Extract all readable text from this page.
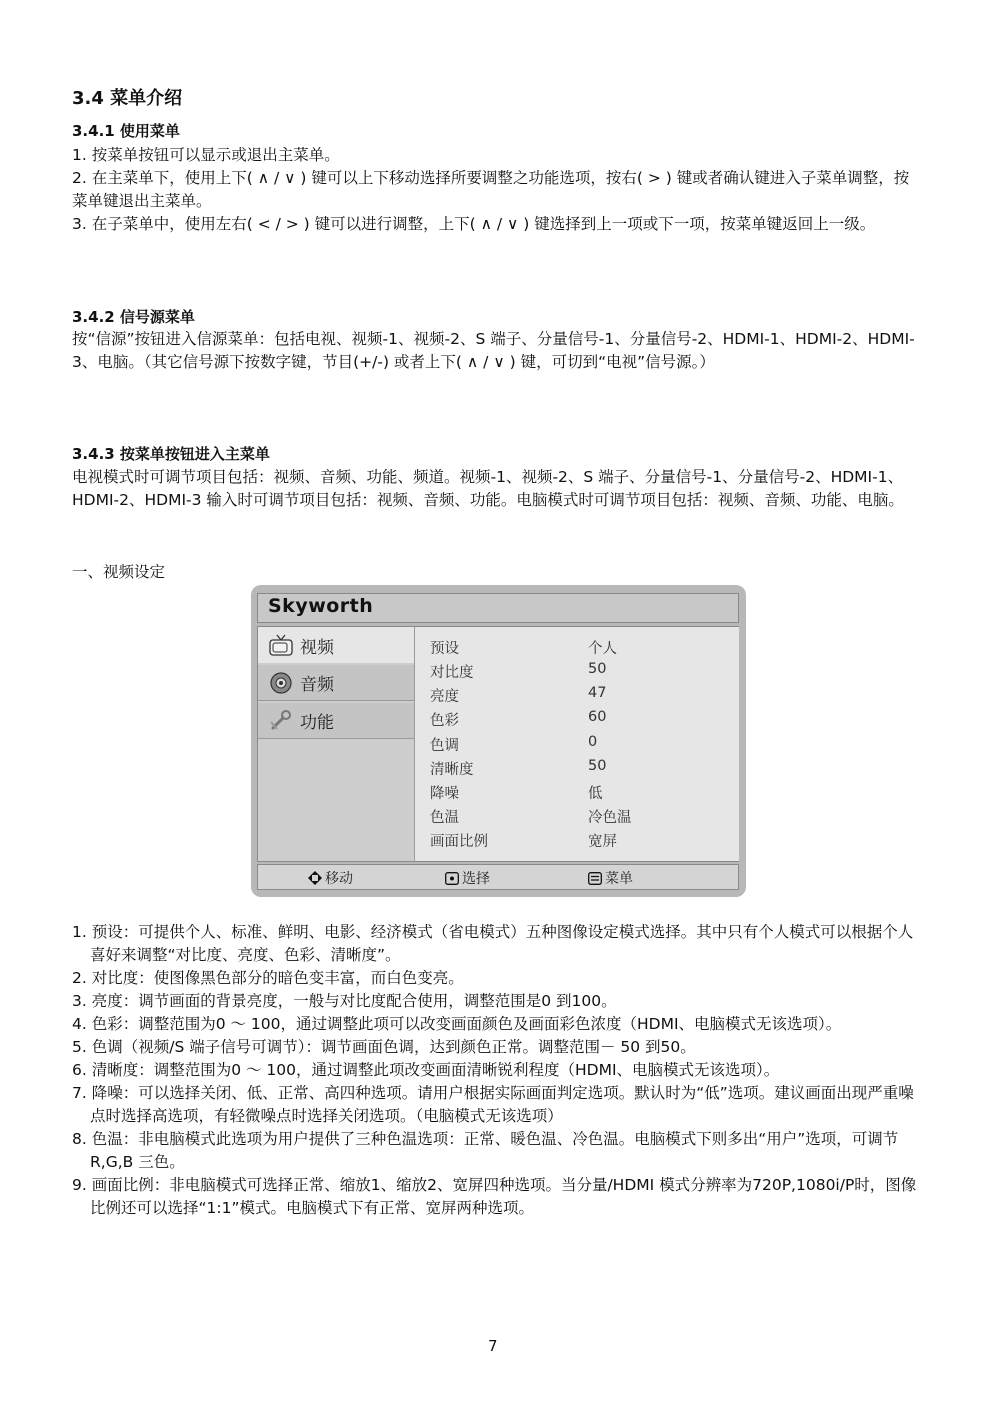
3.4 菜单介绍
3.4.1 使用菜单

1. 按菜单按钮可以显示或退出主菜单。

2. 在主菜单下，使用上下( ∧ / ∨ ) 键可以上下移动选择所要调整之功能选项，按右( > ) 键或者确认键进入子菜单调整，按菜单键退出主菜单。

3. 在子菜单中，使用左右( < / > ) 键可以进行调整，上下( ∧ / ∨ ) 键选择到上一项或下一项，按菜单键返回上一级。

3.4.2 信号源菜单
按“信源”按钮进入信源菜单：包括电视、视频-1、视频-2、S 端子、分量信号-1、分量信号-2、HDMI-1、HDMI-2、HDMI-3、电脑。（其它信号源下按数字键，节目(+/-) 或者上下( ∧ / ∨ ) 键，可切到“电视”信号源。）
3.4.3 按菜单按钮进入主菜单
电视模式时可调节项目包括：视频、音频、功能、频道。视频-1、视频-2、S 端子、分量信号-1、分量信号-2、HDMI-1、HDMI-2、HDMI-3 输入时可调节项目包括：视频、音频、功能。电脑模式时可调节项目包括：视频、音频、功能、电脑。
一、视频设定
Skyworth
视频
音频
功能
预设	个人
对比度	50
亮度	47
色彩	60
色调	0
清晰度	50
降噪	低
色温	冷色温
画面比例	宽屏
移动	选择	菜单

1. 预设：可提供个人、标准、鲜明、电影、经济模式（省电模式）五种图像设定模式选择。其中只有个人模式可以根据个人喜好来调整“对比度、亮度、色彩、清晰度”。

2. 对比度：使图像黑色部分的暗色变丰富，而白色变亮。

3. 亮度：调节画面的背景亮度，一般与对比度配合使用，调整范围是0 到100。

4. 色彩：调整范围为0 ～ 100，通过调整此项可以改变画面颜色及画面彩色浓度（HDMI、电脑模式无该选项）。

5. 色调（视频/S 端子信号可调节）：调节画面色调，达到颜色正常。调整范围－ 50 到50。

6. 清晰度：调整范围为0 ～ 100，通过调整此项改变画面清晰锐利程度（HDMI、电脑模式无该选项）。

7. 降噪：可以选择关闭、低、正常、高四种选项。请用户根据实际画面判定选项。默认时为“低”选项。建议画面出现严重噪点时选择高选项，有轻微噪点时选择关闭选项。（电脑模式无该选项）

8. 色温：非电脑模式此选项为用户提供了三种色温选项：正常、暖色温、冷色温。电脑模式下则多出“用户”选项，可调节R,G,B 三色。

9. 画面比例：非电脑模式可选择正常、缩放1、缩放2、宽屏四种选项。当分量/HDMI 模式分辨率为720P,1080i/P时，图像比例还可以选择“1:1”模式。电脑模式下有正常、宽屏两种选项。

7
